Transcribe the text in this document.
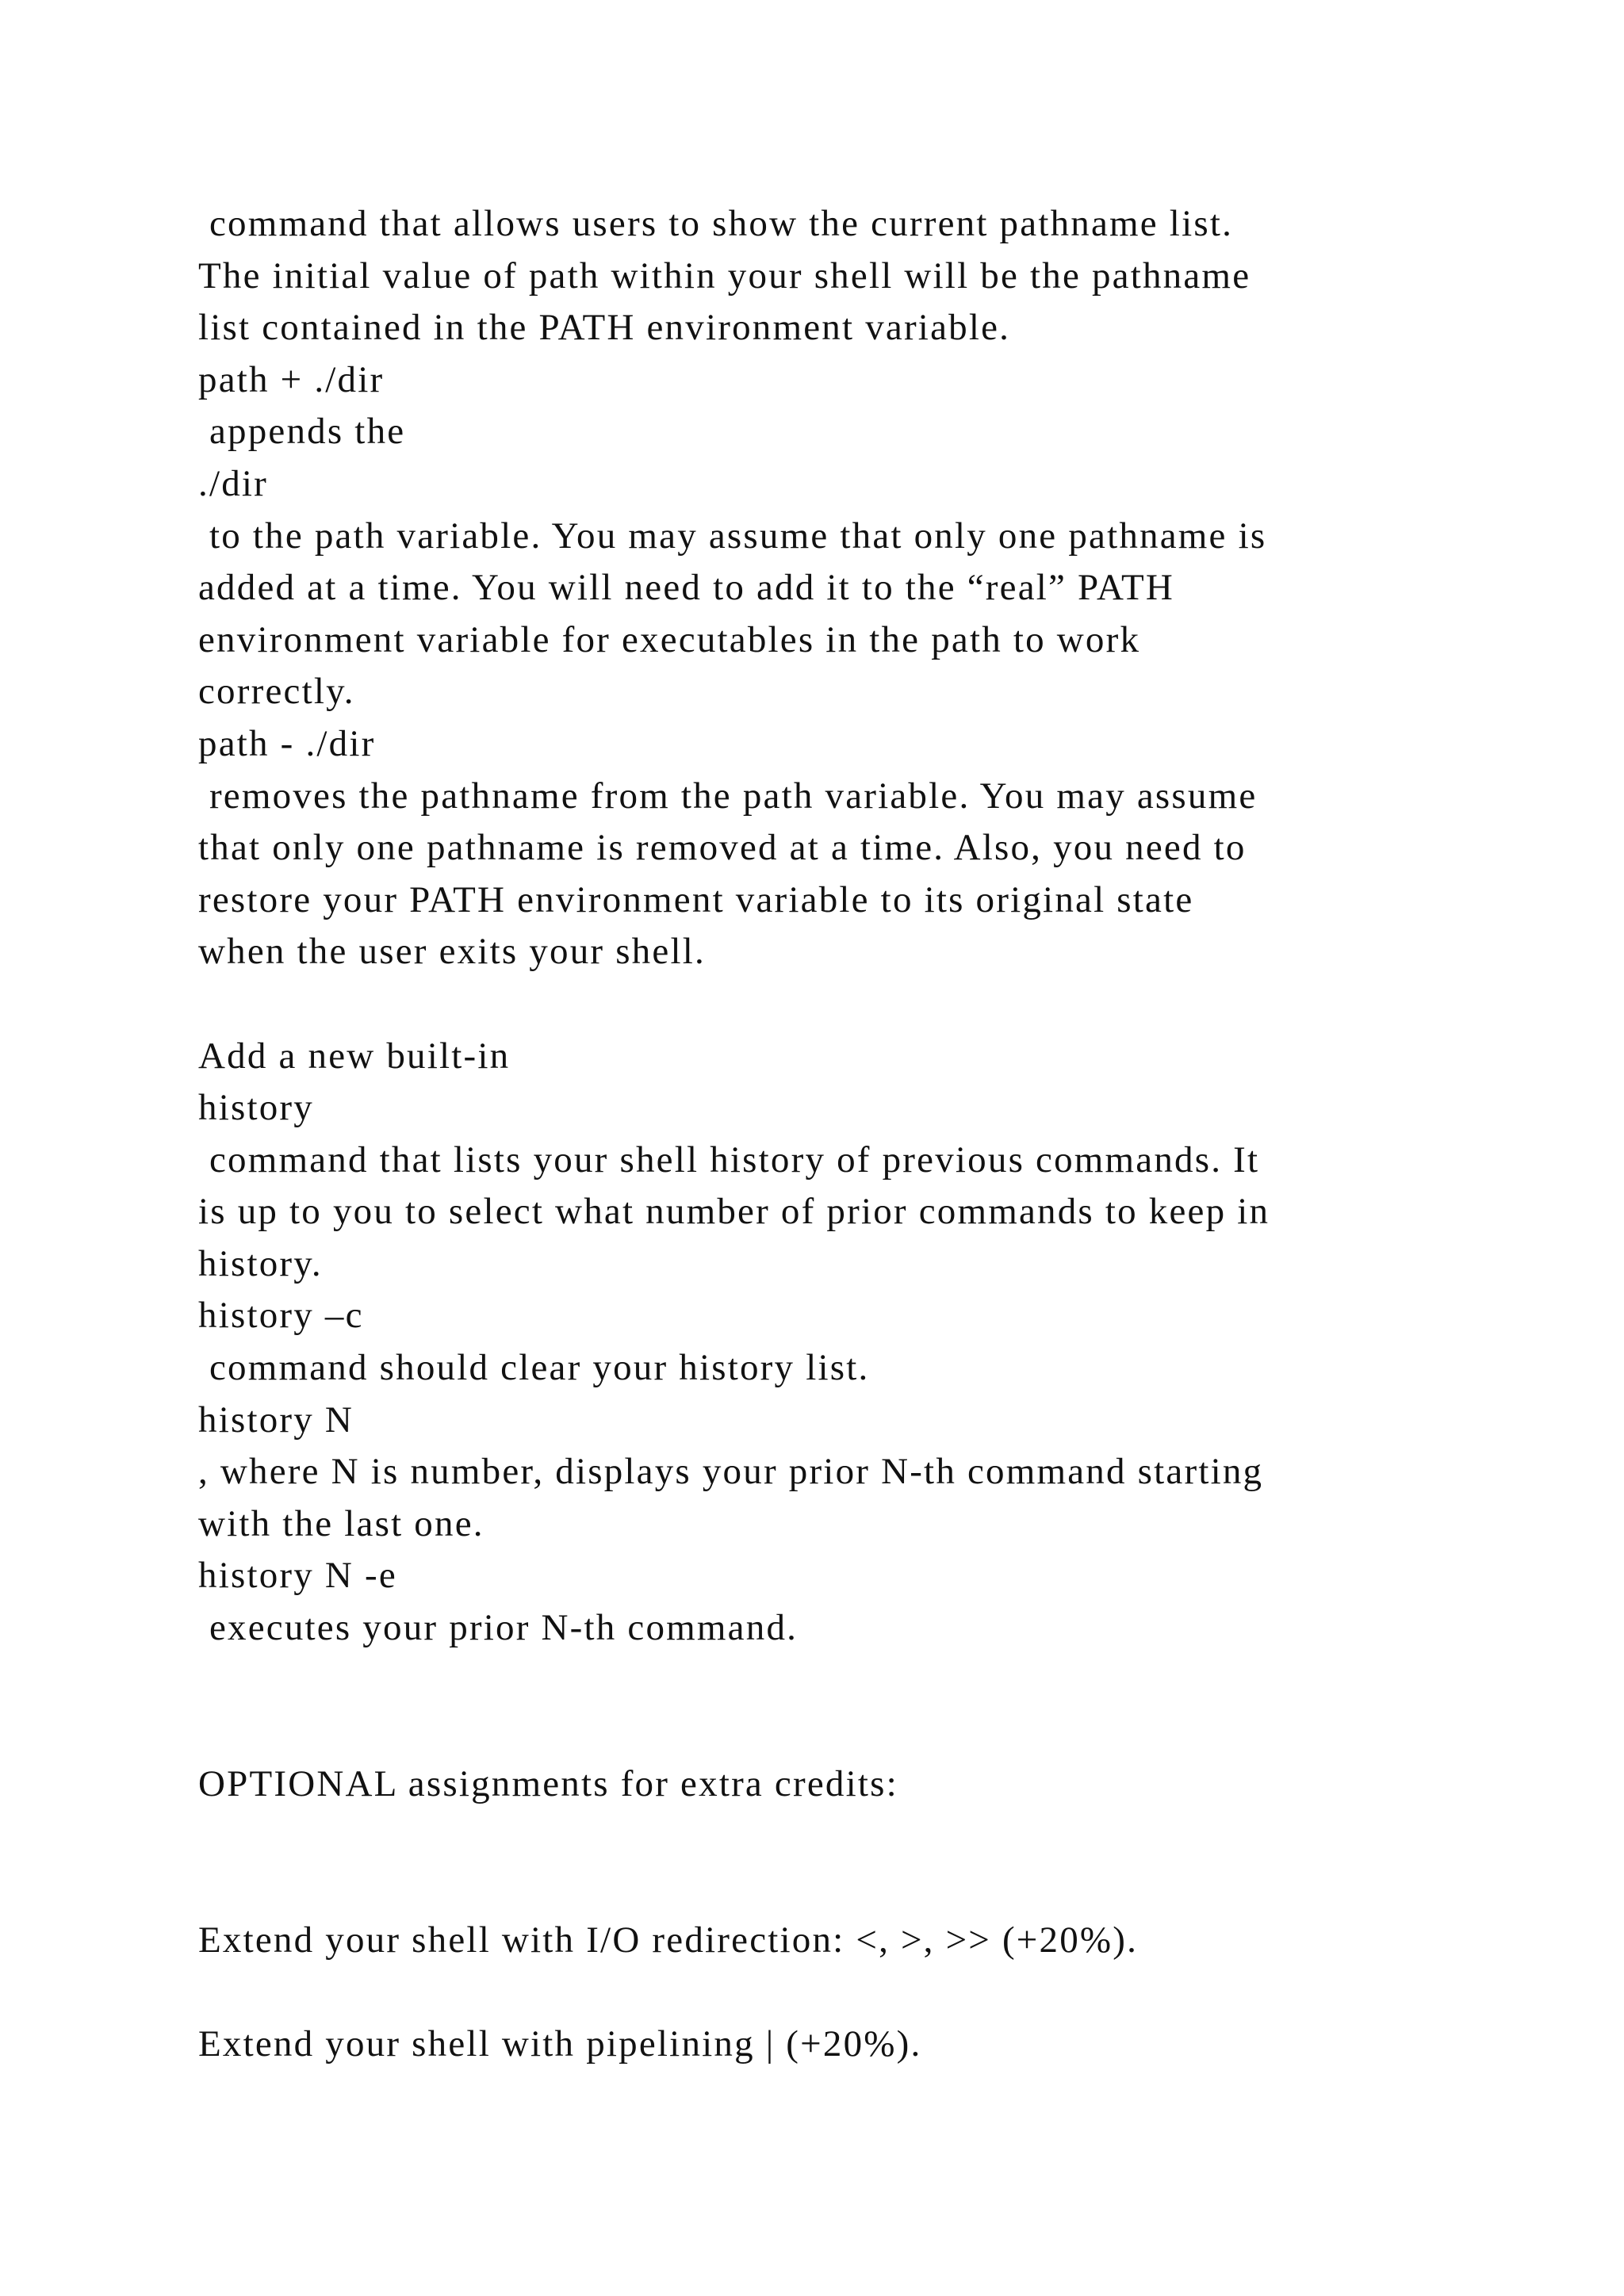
command that allows users to show the current pathname list.
The initial value of path within your shell will be the pathname
list contained in the PATH environment variable.
path + ./dir
appends the
./dir
to the path variable. You may assume that only one pathname is
added at a time. You will need to add it to the “real” PATH
environment variable for executables in the path to work
correctly.
path - ./dir
removes the pathname from the path variable. You may assume
that only one pathname is removed at a time. Also, you need to
restore your PATH environment variable to its original state
when the user exits your shell.
Add a new built-in
history
command that lists your shell history of previous commands. It
is up to you to select what number of prior commands to keep in
history.
history –c
command should clear your history list.
history N
, where N is number, displays your prior N-th command starting
with the last one.
history N -e
executes your prior N-th command.
OPTIONAL assignments for extra credits:
Extend your shell with I/O redirection: <, >, >> (+20%).
Extend your shell with pipelining | (+20%).
